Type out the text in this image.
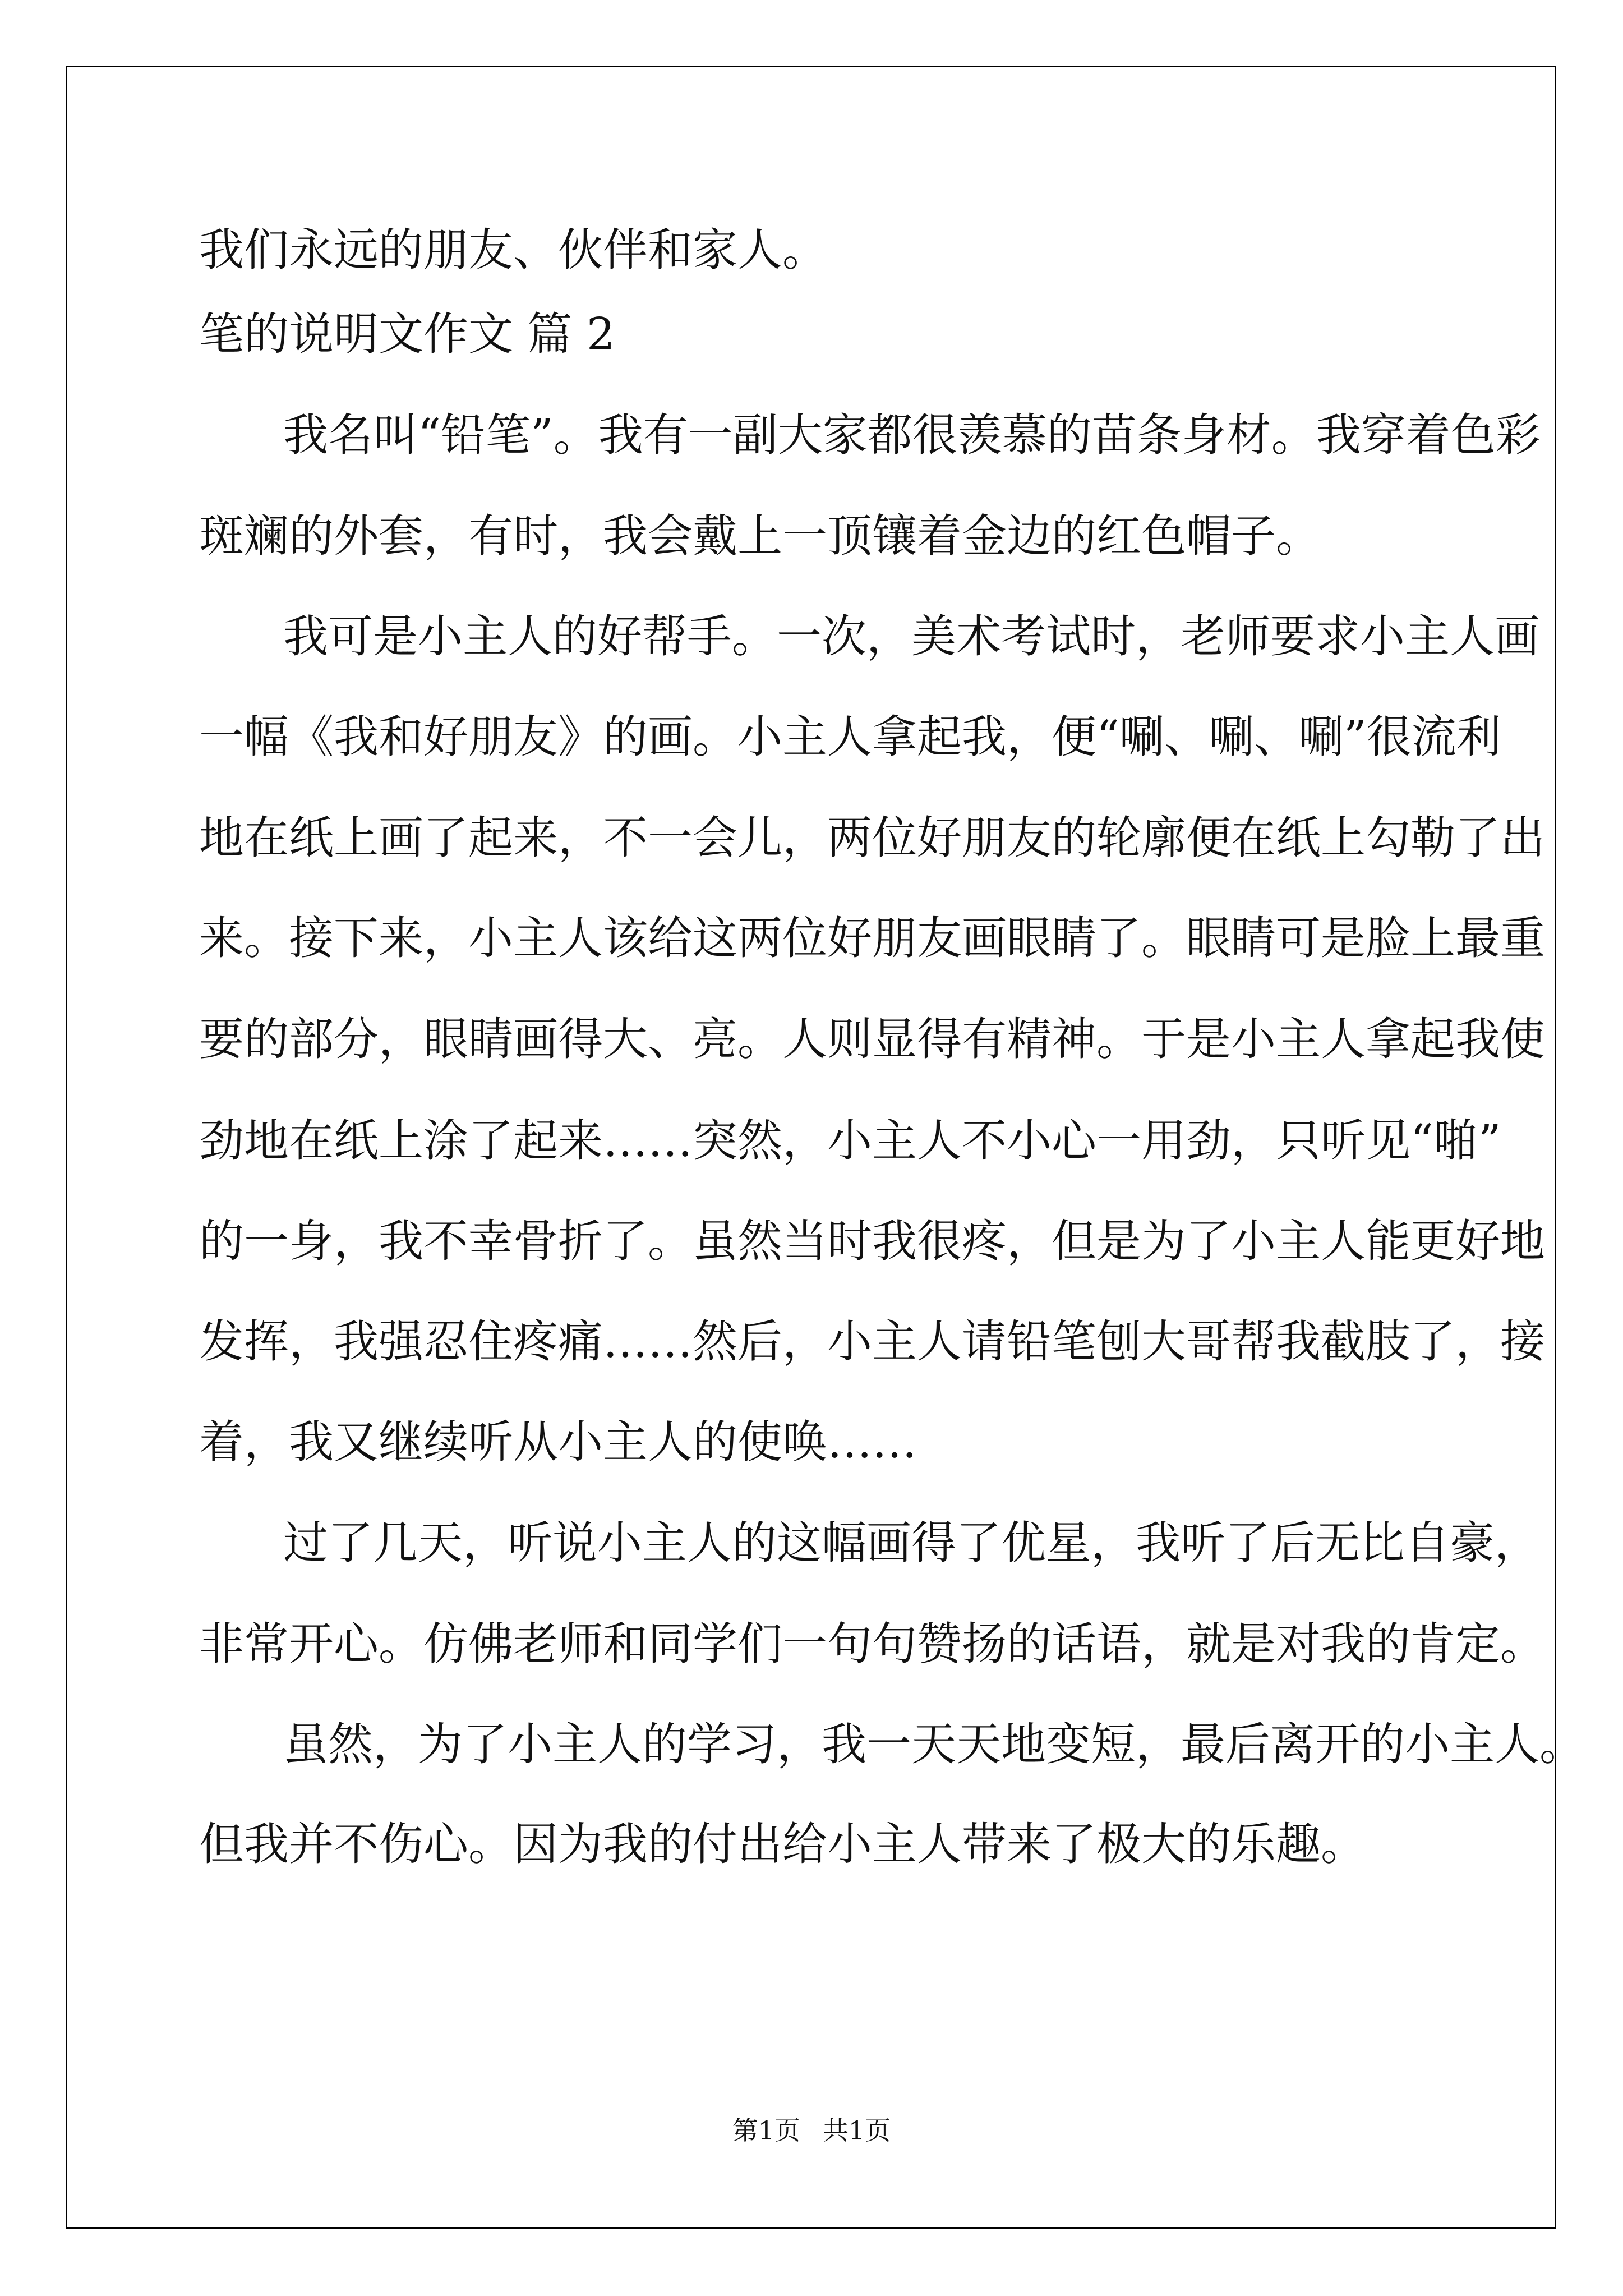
我们永远的朋友、伙伴和家人。
笔的说明文作文 篇 2
我名叫“铅笔”。我有一副大家都很羡慕的苗条身材。我穿着色彩
斑斓的外套，有时，我会戴上一顶镶着金边的红色帽子。
我可是小主人的好帮手。一次，美术考试时，老师要求小主人画
一幅《我和好朋友》的画。小主人拿起我，便“唰、唰、唰”很流利
地在纸上画了起来，不一会儿，两位好朋友的轮廓便在纸上勾勒了出
来。接下来，小主人该给这两位好朋友画眼睛了。眼睛可是脸上最重
要的部分，眼睛画得大、亮。人则显得有精神。于是小主人拿起我使
劲地在纸上涂了起来……突然，小主人不小心一用劲，只听见“啪”
的一身，我不幸骨折了。虽然当时我很疼，但是为了小主人能更好地
发挥，我强忍住疼痛……然后，小主人请铅笔刨大哥帮我截肢了，接
着，我又继续听从小主人的使唤……
过了几天，听说小主人的这幅画得了优星，我听了后无比自豪，
非常开心。仿佛老师和同学们一句句赞扬的话语，就是对我的肯定。
虽然，为了小主人的学习，我一天天地变短，最后离开的小主人。
但我并不伤心。因为我的付出给小主人带来了极大的乐趣。
第1页 共1页
